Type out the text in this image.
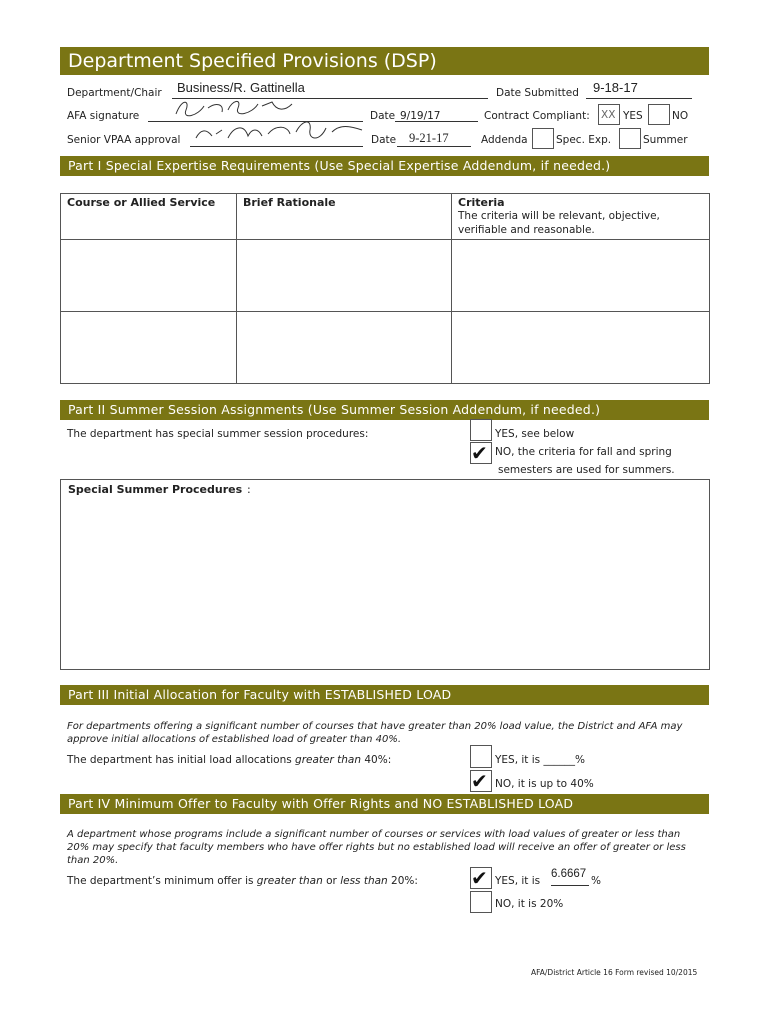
Department Specified Provisions (DSP)
Department/Chair Business/R. Gattinella	Date Submitted 9-18-17
AFA signature	Date 9/19/17	Contract Compliant: XX YES	NO
Senior VPAA approval	Date 9-21-17	Addenda	Spec. Exp.	Summer
Part I Special Expertise Requirements (Use Special Expertise Addendum, if needed.)
Course or Allied Service	Brief Rationale	Criteria
The criteria will be relevant, objective, verifiable and reasonable.

Part II Summer Session Assignments (Use Summer Session Addendum, if needed.)
The department has special summer session procedures:	YES, see below
✔ NO, the criteria for fall and spring
semesters are used for summers.
Special Summer Procedures :
Part III Initial Allocation for Faculty with ESTABLISHED LOAD
For departments offering a significant number of courses that have greater than 20% load value, the District and AFA may approve initial allocations of established load of greater than 40%.
The department has initial load allocations greater than 40%:	YES, it is ______%
✔ NO, it is up to 40%
Part IV Minimum Offer to Faculty with Offer Rights and NO ESTABLISHED LOAD
A department whose programs include a significant number of courses or services with load values of greater or less than 20% may specify that faculty members who have offer rights but no established load will receive an offer of greater or less than 20%.
The department’s minimum offer is greater than or less than 20%:	✔ YES, it is
6.6667
%
NO, it is 20%
AFA/District Article 16 Form revised 10/2015
